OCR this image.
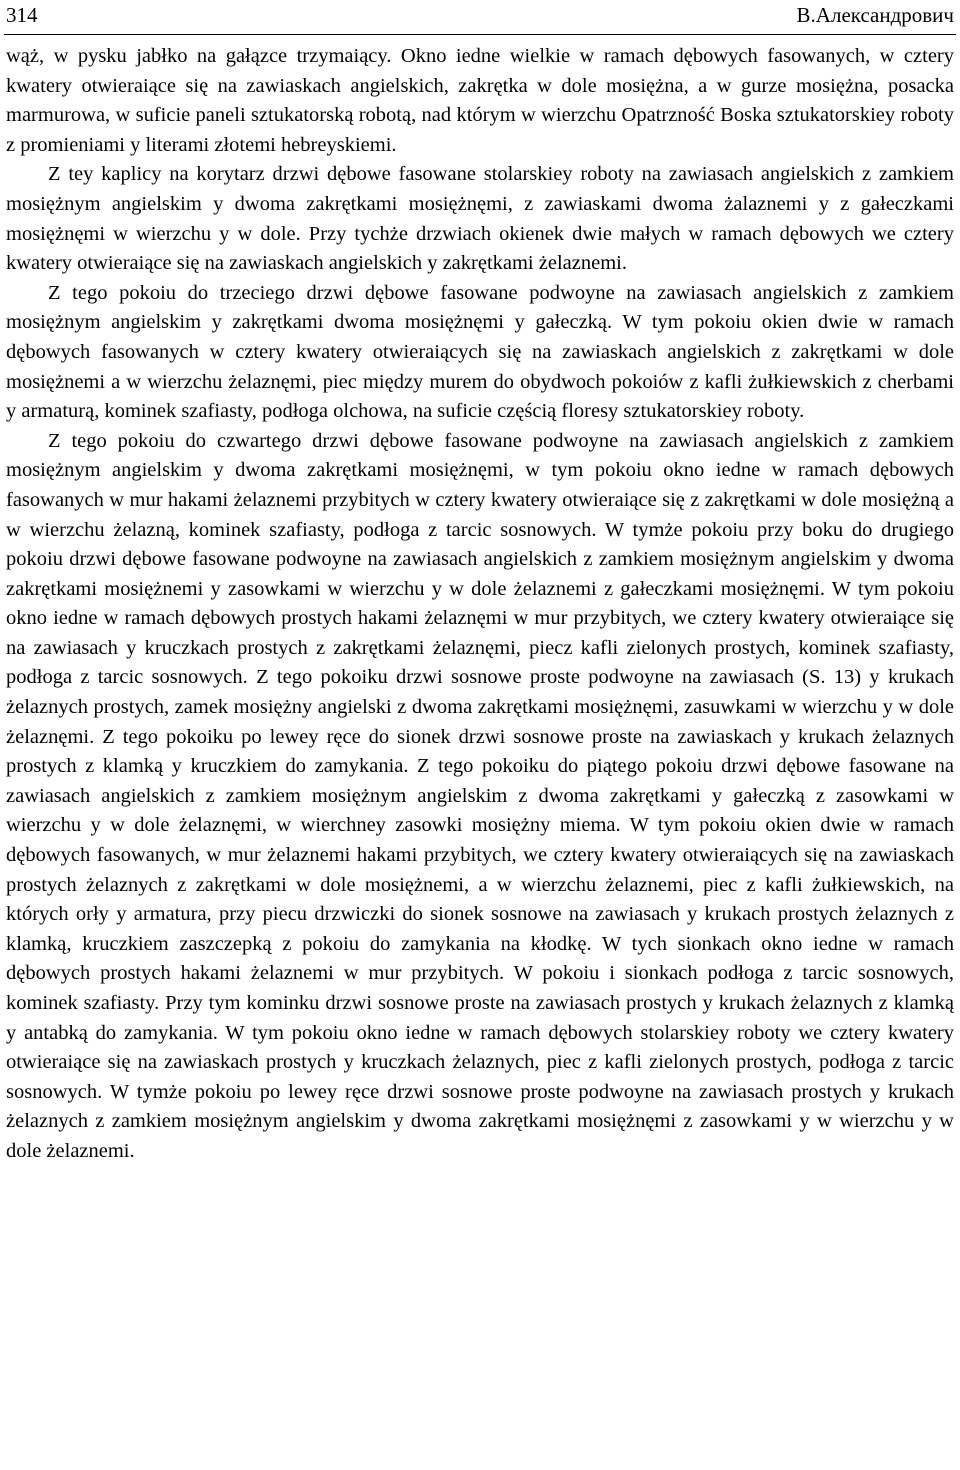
314	В.Александрович

wąż, w pysku jabłko na gałązce trzymaiący. Okno iedne wielkie w ramach dębowych fasowanych, w cztery kwatery otwieraiące się na zawiaskach angielskich, zakrętka w dole mosiężna, a w gurze mosiężna, posacka marmurowa, w suficie paneli sztukatorską robotą, nad którym w wierzchu Opatrzność Boska sztukatorskiey roboty z promieniami y literami złotemi hebreyskiemi.

Z tey kaplicy na korytarz drzwi dębowe fasowane stolarskiey roboty na zawiasach angielskich z zamkiem mosiężnym angielskim y dwoma zakrętkami mosiężnęmi, z zawiaskami dwoma żalaznemi y z gałeczkami mosiężnęmi w wierzchu y w dole. Przy tychże drzwiach okienek dwie małych w ramach dębowych we cztery kwatery otwieraiące się na zawiaskach angielskich y zakrętkami żelaznemi.

Z tego pokoiu do trzeciego drzwi dębowe fasowane podwoyne na zawiasach angielskich z zamkiem mosiężnym angielskim y zakrętkami dwoma mosiężnęmi y gałeczką. W tym pokoiu okien dwie w ramach dębowych fasowanych w cztery kwatery otwieraiących się na zawiaskach angielskich z zakrętkami w dole mosiężnemi a w wierzchu żelaznęmi, piec między murem do obydwoch pokoiów z kafli żułkiewskich z cherbami y armaturą, kominek szafiasty, podłoga olchowa, na suficie częścią floresy sztukatorskiey roboty.

Z tego pokoiu do czwartego drzwi dębowe fasowane podwoyne na zawiasach angielskich z zamkiem mosiężnym angielskim y dwoma zakrętkami mosiężnęmi, w tym pokoiu okno iedne w ramach dębowych fasowanych w mur hakami żelaznemi przybitych w cztery kwatery otwieraiące się z zakrętkami w dole mosiężną a w wierzchu żelazną, kominek szafiasty, podłoga z tarcic sosnowych. W tymże pokoiu przy boku do drugiego pokoiu drzwi dębowe fasowane podwoyne na zawiasach angielskich z zamkiem mosiężnym angielskim y dwoma zakrętkami mosiężnemi y zasowkami w wierzchu y w dole żelaznemi z gałeczkami mosiężnęmi. W tym pokoiu okno iedne w ramach dębowych prostych hakami żelaznęmi w mur przybitych, we cztery kwatery otwieraiące się na zawiasach y kruczkach prostych z zakrętkami żelaznęmi, piecz kafli zielonych prostych, kominek szafiasty, podłoga z tarcic sosnowych. Z tego pokoiku drzwi sosnowe proste podwoyne na zawiasach (S. 13) y krukach żelaznych prostych, zamek mosiężny angielski z dwoma zakrętkami mosiężnęmi, zasuwkami w wierzchu y w dole żelaznęmi. Z tego pokoiku po lewey ręce do sionek drzwi sosnowe proste na zawiaskach y krukach żelaznych prostych z klamką y kruczkiem do zamykania. Z tego pokoiku do piątego pokoiu drzwi dębowe fasowane na zawiasach angielskich z zamkiem mosiężnym angielskim z dwoma zakrętkami y gałeczką z zasowkami w wierzchu y w dole żelaznęmi, w wierchney zasowki mosiężny miema. W tym pokoiu okien dwie w ramach dębowych fasowanych, w mur żelaznemi hakami przybitych, we cztery kwatery otwieraiących się na zawiaskach prostych żelaznych z zakrętkami w dole mosiężnemi, a w wierzchu żelaznemi, piec z kafli żułkiewskich, na których orły y armatura, przy piecu drzwiczki do sionek sosnowe na zawiasach y krukach prostych żelaznych z klamką, kruczkiem zaszczepką z pokoiu do zamykania na kłodkę. W tych sionkach okno iedne w ramach dębowych prostych hakami żelaznemi w mur przybitych. W pokoiu i sionkach podłoga z tarcic sosnowych, kominek szafiasty. Przy tym kominku drzwi sosnowe proste na zawiasach prostych y krukach żelaznych z klamką y antabką do zamykania. W tym pokoiu okno iedne w ramach dębowych stolarskiey roboty we cztery kwatery otwieraiące się na zawiaskach prostych y kruczkach żelaznych, piec z kafli zielonych prostych, podłoga z tarcic sosnowych. W tymże pokoiu po lewey ręce drzwi sosnowe proste podwoyne na zawiasach prostych y krukach żelaznych z zamkiem mosiężnym angielskim y dwoma zakrętkami mosiężnęmi z zasowkami y w wierzchu y w dole żelaznemi.
